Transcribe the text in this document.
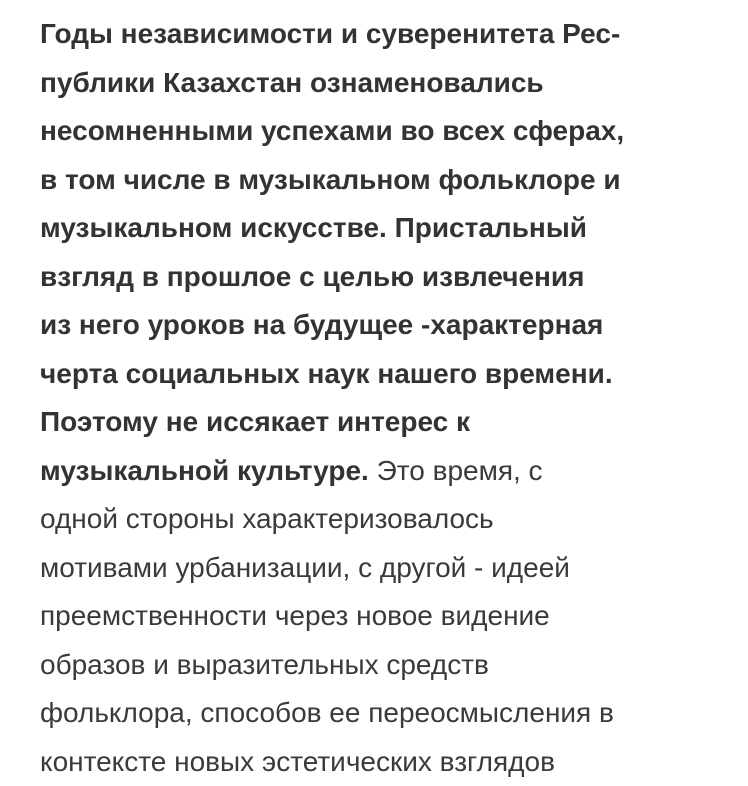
Годы независимости и суверенитета Рес-
публики Казахстан ознаменовались
несомненными успехами во всех сферах,
в том числе в музыкальном фольклоре и
музыкальном искусстве. Пристальный
взгляд в прошлое с целью извлечения
из него уроков на будущее -характерная
черта социальных наук нашего времени.
Поэтому не иссякает интерес к
музыкальной культуре. Это время, с
одной стороны характеризовалось
мотивами урбанизации, с другой - идеей
преемственности через новое видение
образов и выразительных средств
фольклора, способов ее переосмысления в
контексте новых эстетических взглядов
